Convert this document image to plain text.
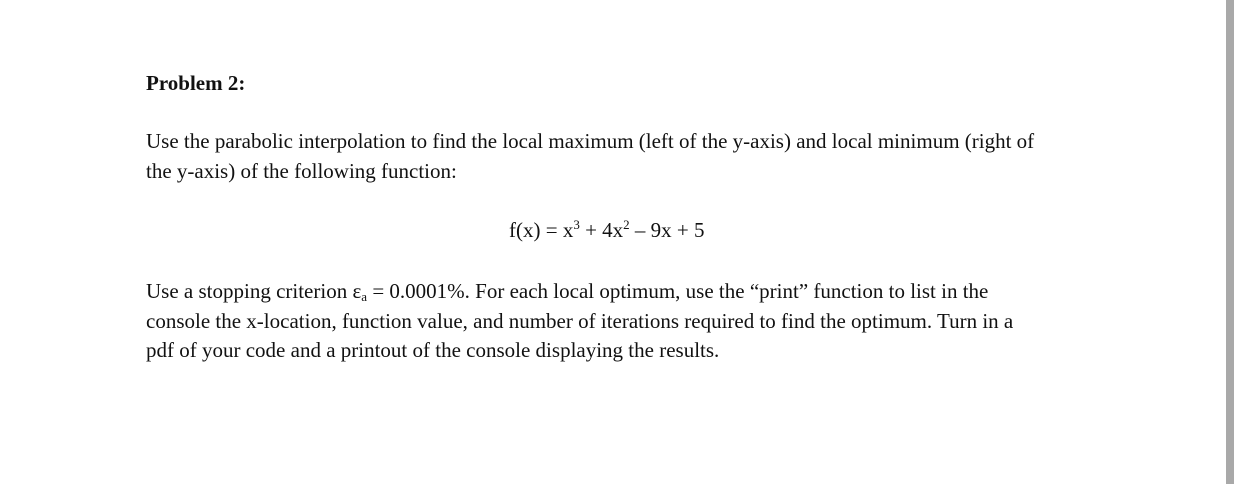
Problem 2:

Use the parabolic interpolation to find the local maximum (left of the y-axis) and local minimum (right of
the y-axis) of the following function:

$f(x) = x^3 + 4x^2 - 9x + 5$

Use a stopping criterion $\varepsilon_a = 0.0001\%$. For each local optimum, use the “print” function to list in the
console the x-location, function value, and number of iterations required to find the optimum. Turn in a
pdf of your code and a printout of the console displaying the results.
